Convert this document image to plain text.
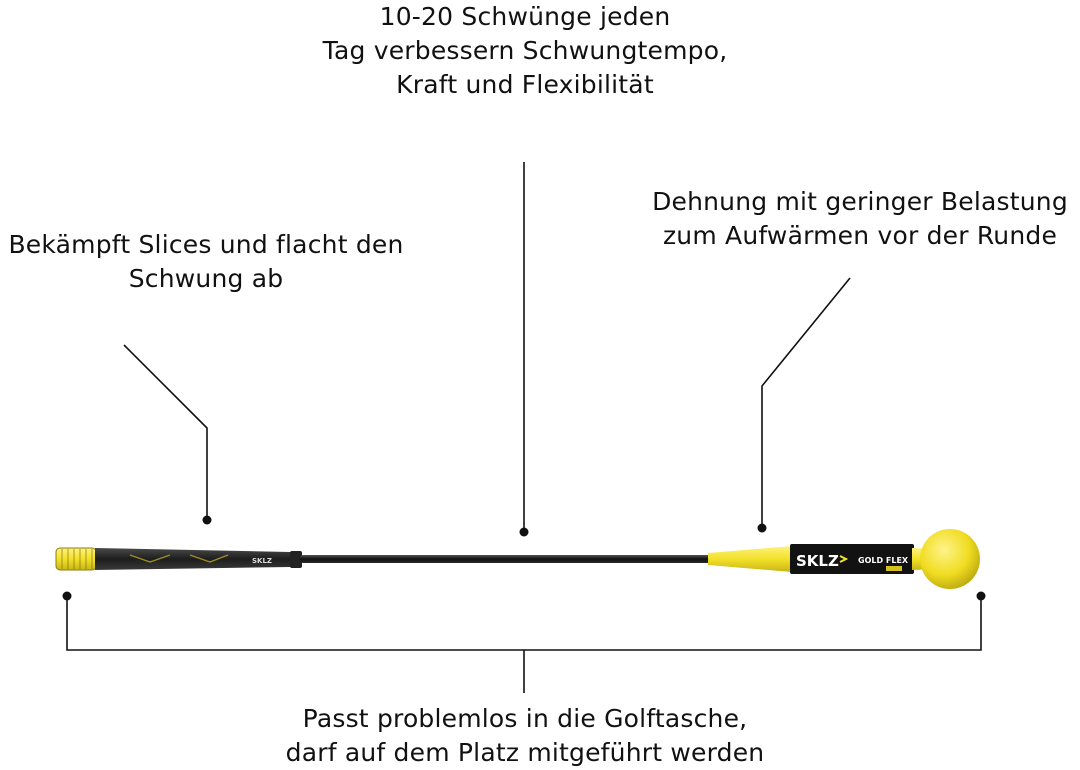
10-20 Schwünge jeden
Tag verbessern Schwungtempo,
Kraft und Flexibilität
Bekämpft Slices und flacht den
Schwung ab
Dehnung mit geringer Belastung
zum Aufwärmen vor der Runde
Passt problemlos in die Golftasche,
darf auf dem Platz mitgeführt werden
SKLZ	SKLZ GOLD FLEX
